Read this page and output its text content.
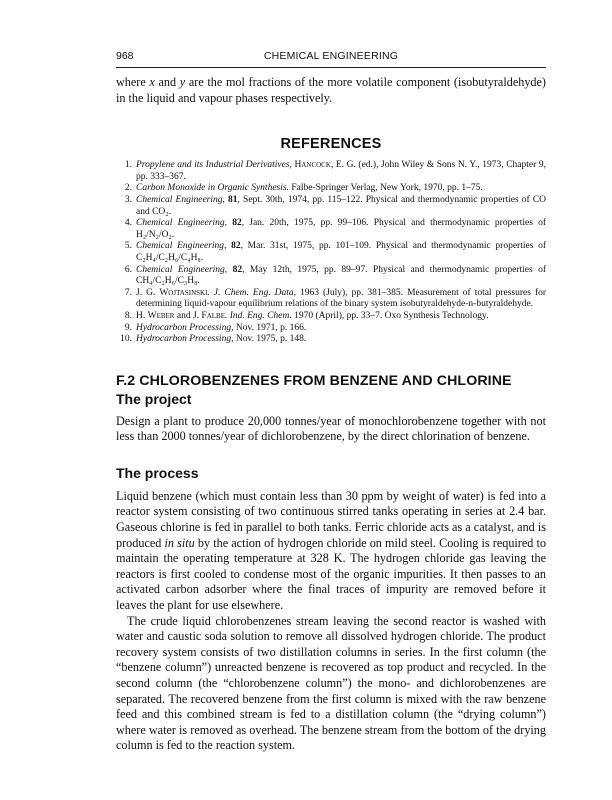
968	CHEMICAL ENGINEERING

where x and y are the mol fractions of the more volatile component (isobutyraldehyde) in the liquid and vapour phases respectively.

REFERENCES
1. Propylene and its Industrial Derivatives, Hancock, E. G. (ed.), John Wiley & Sons N. Y., 1973, Chapter 9, pp. 333–367.
2. Carbon Monoxide in Organic Synthesis. Falbe-Springer Verlag, New York, 1970, pp. 1–75.
3. Chemical Engineering, 81, Sept. 30th, 1974, pp. 115–122. Physical and thermodynamic properties of CO and CO₂.
4. Chemical Engineering, 82, Jan. 20th, 1975, pp. 99–106. Physical and thermodynamic properties of H₂/N₂/O₂.
5. Chemical Engineering, 82, Mar. 31st, 1975, pp. 101–109. Physical and thermodynamic properties of C₂H₄/C₂H₆/C₄H₈.
6. Chemical Engineering, 82, May 12th, 1975, pp. 89–97. Physical and thermodynamic properties of CH₄/C₂H₆/C₃H₈.
7. J. G. Wojtasinski. J. Chem. Eng. Data, 1963 (July), pp. 381–385. Measurement of total pressures for determining liquid-vapour equilibrium relations of the binary system isobutyraldehyde-n-butyraldehyde.
8. H. Weber and J. Falbe. Ind. Eng. Chem. 1970 (April), pp. 33–7. Oxo Synthesis Technology.
9. Hydrocarbon Processing, Nov. 1971, p. 166.
10. Hydrocarbon Processing, Nov. 1975, p. 148.
F.2 CHLOROBENZENES FROM BENZENE AND CHLORINE
The project

Design a plant to produce 20,000 tonnes/year of monochlorobenzene together with not less than 2000 tonnes/year of dichlorobenzene, by the direct chlorination of benzene.

The process

Liquid benzene (which must contain less than 30 ppm by weight of water) is fed into a reactor system consisting of two continuous stirred tanks operating in series at 2.4 bar. Gaseous chlorine is fed in parallel to both tanks. Ferric chloride acts as a catalyst, and is produced in situ by the action of hydrogen chloride on mild steel. Cooling is required to maintain the operating temperature at 328 K. The hydrogen chloride gas leaving the reactors is first cooled to condense most of the organic impurities. It then passes to an activated carbon adsorber where the final traces of impurity are removed before it leaves the plant for use elsewhere.

The crude liquid chlorobenzenes stream leaving the second reactor is washed with water and caustic soda solution to remove all dissolved hydrogen chloride. The product recovery system consists of two distillation columns in series. In the first column (the “benzene column”) unreacted benzene is recovered as top product and recycled. In the second column (the “chlorobenzene column”) the mono- and dichlorobenzenes are separated. The recovered benzene from the first column is mixed with the raw benzene feed and this combined stream is fed to a distillation column (the “drying column”) where water is removed as overhead. The benzene stream from the bottom of the drying column is fed to the reaction system.
